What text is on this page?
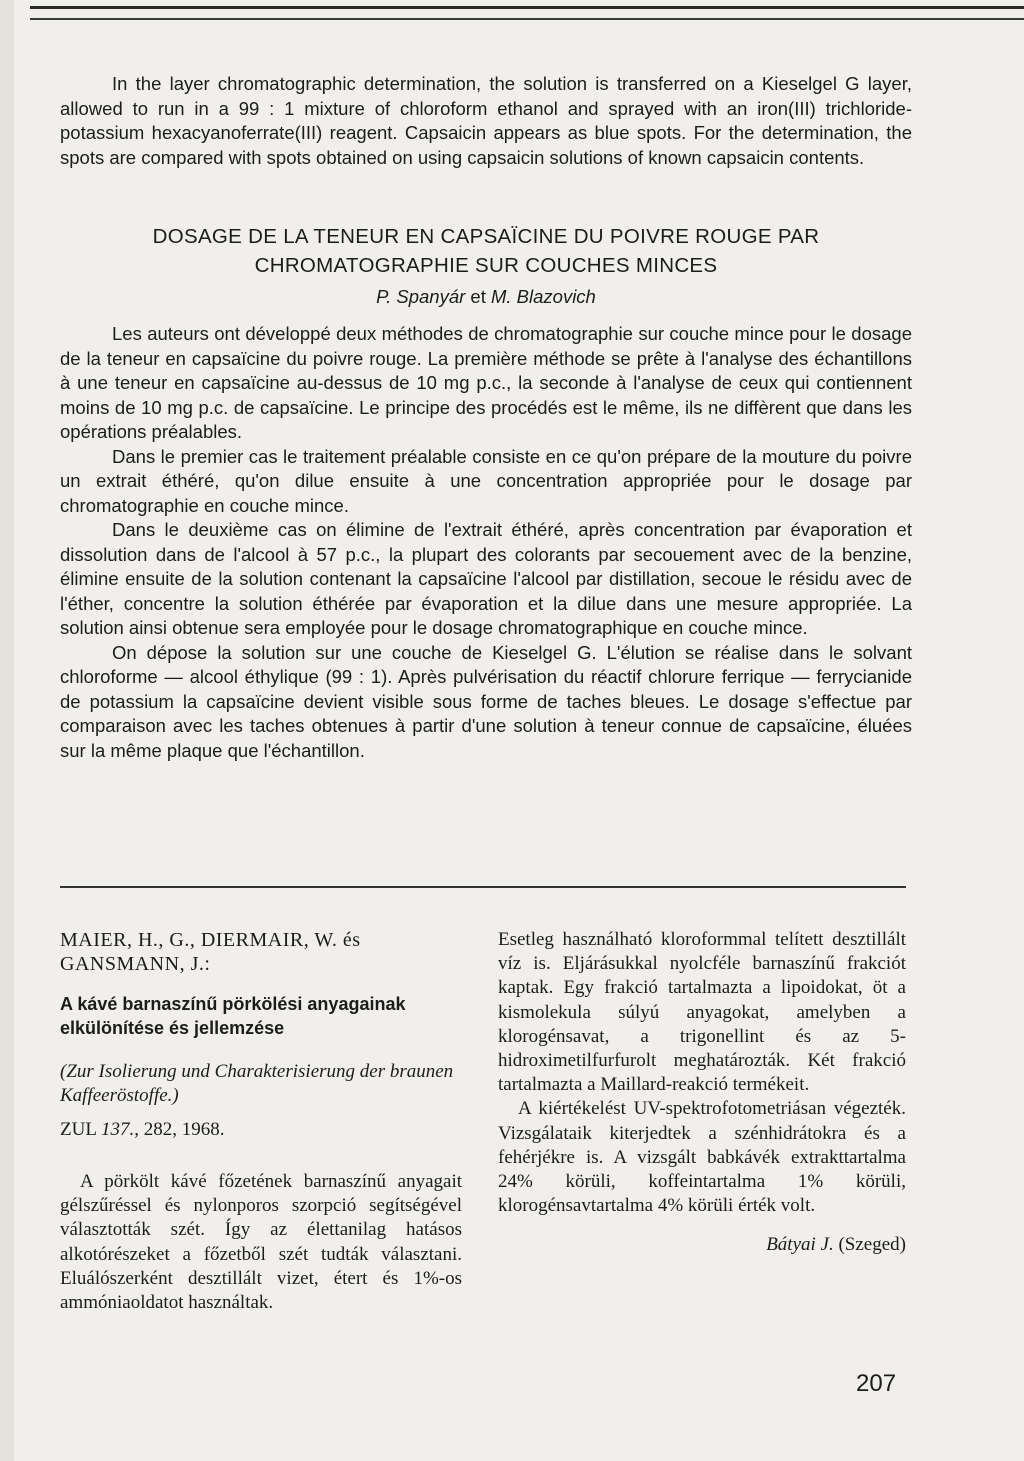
In the layer chromatographic determination, the solution is transferred on a Kieselgel G layer, allowed to run in a 99 : 1 mixture of chloroform ethanol and sprayed with an iron(III) trichloride-potassium hexacyanoferrate(III) reagent. Capsaicin appears as blue spots. For the determination, the spots are compared with spots obtained on using capsaicin solutions of known capsaicin contents.

DOSAGE DE LA TENEUR EN CAPSAÏCINE DU POIVRE ROUGE PAR
CHROMATOGRAPHIE SUR COUCHES MINCES
P. Spanyár et M. Blazovich

Les auteurs ont développé deux méthodes de chromatographie sur couche mince pour le dosage de la teneur en capsaïcine du poivre rouge. La première méthode se prête à l'analyse des échantillons à une teneur en capsaïcine au-dessus de 10 mg p.c., la seconde à l'analyse de ceux qui contiennent moins de 10 mg p.c. de capsaïcine. Le principe des procédés est le même, ils ne diffèrent que dans les opérations préalables.

Dans le premier cas le traitement préalable consiste en ce qu'on prépare de la mouture du poivre un extrait éthéré, qu'on dilue ensuite à une concentration appropriée pour le dosage par chromatographie en couche mince.

Dans le deuxième cas on élimine de l'extrait éthéré, après concentration par évaporation et dissolution dans de l'alcool à 57 p.c., la plupart des colorants par secouement avec de la benzine, élimine ensuite de la solution contenant la capsaïcine l'alcool par distillation, secoue le résidu avec de l'éther, concentre la solution éthérée par évaporation et la dilue dans une mesure appropriée. La solution ainsi obtenue sera employée pour le dosage chromatographique en couche mince.

On dépose la solution sur une couche de Kieselgel G. L'élution se réalise dans le solvant chloroforme — alcool éthylique (99 : 1). Après pulvérisation du réactif chlorure ferrique — ferrycianide de potassium la capsaïcine devient visible sous forme de taches bleues. Le dosage s'effectue par comparaison avec les taches obtenues à partir d'une solution à teneur connue de capsaïcine, éluées sur la même plaque que l'échantillon.

MAIER, H., G., DIERMAIR, W. és
GANSMANN, J.:

A kávé barnaszínű pörkölési anyagainak elkülönítése és jellemzése

(Zur Isolierung und Charakterisierung der braunen Kaffeeröstoffe.)

ZUL 137., 282, 1968.

A pörkölt kávé főzetének barnaszínű anyagait gélszűréssel és nylonporos szorpció segítségével választották szét. Így az élettanilag hatásos alkotórészeket a főzetből szét tudták választani. Eluálószerként desztillált vizet, étert és 1%-os ammóniaoldatot használtak.

Esetleg használható kloroformmal telített desztillált víz is. Eljárásukkal nyolcféle barnaszínű frakciót kaptak. Egy frakció tartalmazta a lipoidokat, öt a kismolekula súlyú anyagokat, amelyben a klorogénsavat, a trigonellint és az 5-hidroximetilfurfurolt meghatározták. Két frakció tartalmazta a Maillard-reakció termékeit.

A kiértékelést UV-spektrofotometriásan végezték. Vizsgálataik kiterjedtek a szénhidrátokra és a fehérjékre is. A vizsgált babkávék extrakttartalma 24% körüli, koffeintartalma 1% körüli, klorogénsavtartalma 4% körüli érték volt.

Bátyai J. (Szeged)
207
